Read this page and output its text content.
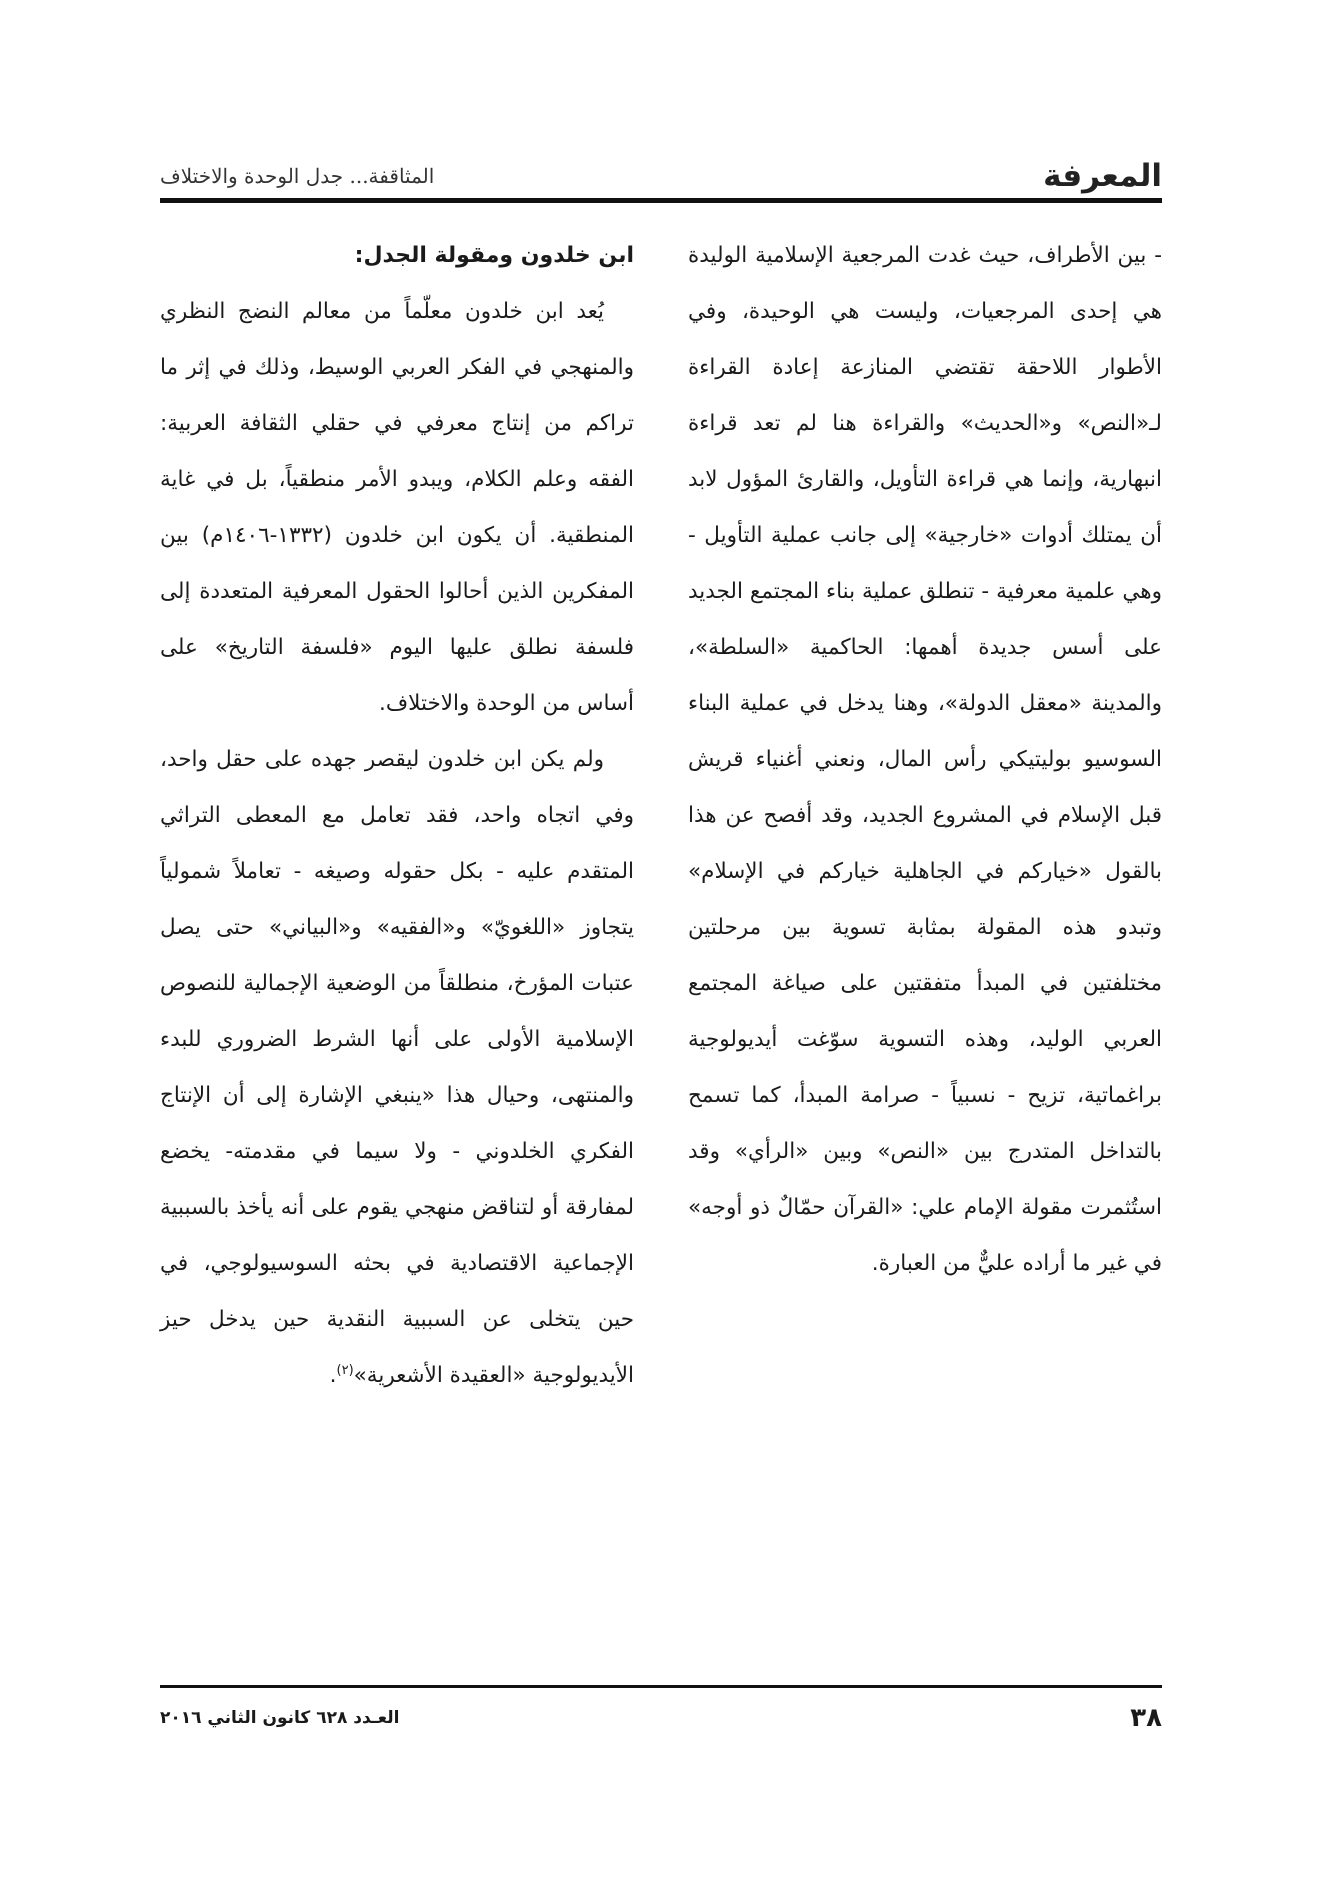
المعرفة
المثاقفة... جدل الوحدة والاختلاف

- بين الأطراف، حيث غدت المرجعية الإسلامية الوليدة هي إحدى المرجعيات، وليست هي الوحيدة، وفي الأطوار اللاحقة تقتضي المنازعة إعادة القراءة لـ«النص» و«الحديث» والقراءة هنا لم تعد قراءة انبهارية، وإنما هي قراءة التأويل، والقارئ المؤول لابد أن يمتلك أدوات «خارجية» إلى جانب عملية التأويل - وهي علمية معرفية - تنطلق عملية بناء المجتمع الجديد على أسس جديدة أهمها: الحاكمية «السلطة»، والمدينة «معقل الدولة»، وهنا يدخل في عملية البناء السوسيو بوليتيكي رأس المال، ونعني أغنياء قريش قبل الإسلام في المشروع الجديد، وقد أفصح عن هذا بالقول «خياركم في الجاهلية خياركم في الإسلام» وتبدو هذه المقولة بمثابة تسوية بين مرحلتين مختلفتين في المبدأ متفقتين على صياغة المجتمع العربي الوليد، وهذه التسوية سوّغت أيديولوجية براغماتية، تزيح - نسبياً - صرامة المبدأ، كما تسمح بالتداخل المتدرج بين «النص» وبين «الرأي» وقد استُثمرت مقولة الإمام علي: «القرآن حمّالٌ ذو أوجه» في غير ما أراده عليٌّ من العبارة.

ابن خلدون ومقولة الجدل:

يُعد ابن خلدون معلّماً من معالم النضج النظري والمنهجي في الفكر العربي الوسيط، وذلك في إثر ما تراكم من إنتاج معرفي في حقلي الثقافة العربية: الفقه وعلم الكلام، ويبدو الأمر منطقياً، بل في غاية المنطقية. أن يكون ابن خلدون (١٣٣٢-١٤٠٦م) بين المفكرين الذين أحالوا الحقول المعرفية المتعددة إلى فلسفة نطلق عليها اليوم «فلسفة التاريخ» على أساس من الوحدة والاختلاف.

ولم يكن ابن خلدون ليقصر جهده على حقل واحد، وفي اتجاه واحد، فقد تعامل مع المعطى التراثي المتقدم عليه - بكل حقوله وصيغه - تعاملاً شمولياً يتجاوز «اللغويّ» و«الفقيه» و«البياني» حتى يصل عتبات المؤرخ، منطلقاً من الوضعية الإجمالية للنصوص الإسلامية الأولى على أنها الشرط الضروري للبدء والمنتهى، وحيال هذا «ينبغي الإشارة إلى أن الإنتاج الفكري الخلدوني - ولا سيما في مقدمته- يخضع لمفارقة أو لتناقض منهجي يقوم على أنه يأخذ بالسببية الإجماعية الاقتصادية في بحثه السوسيولوجي، في حين يتخلى عن السببية النقدية حين يدخل حيز الأيديولوجية «العقيدة الأشعرية»$^{(٢)}$.

٣٨
العـدد ٦٢٨ كانون الثاني ٢٠١٦
